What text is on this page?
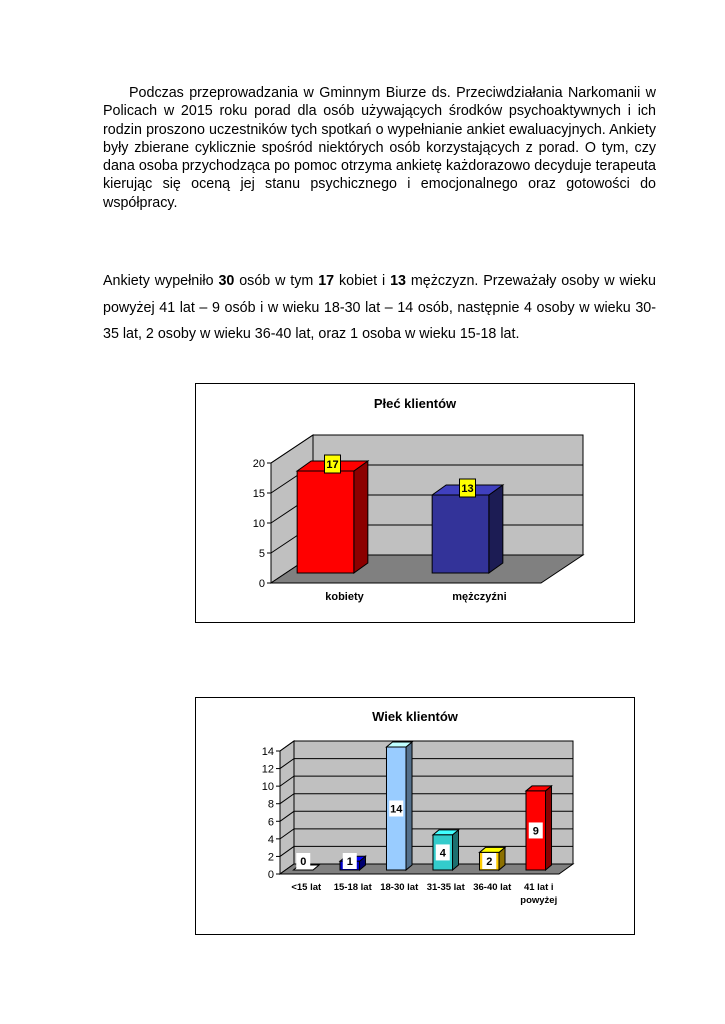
Podczas przeprowadzania w Gminnym Biurze ds. Przeciwdziałania Narkomanii w Policach w 2015 roku porad dla osób używających środków psychoaktywnych i ich rodzin proszono uczestników tych spotkań o wypełnianie ankiet ewaluacyjnych. Ankiety były zbierane cyklicznie spośród niektórych osób korzystających z porad. O tym, czy dana osoba przychodząca po pomoc otrzyma ankietę każdorazowo decyduje terapeuta kierując się oceną jej stanu psychicznego i emocjonalnego oraz gotowości do współpracy.

Ankiety wypełniło 30 osób w tym 17 kobiet i 13 mężczyzn. Przeważały osoby w wieku powyżej 41 lat – 9 osób i w wieku 18-30 lat – 14 osób, następnie 4 osoby w wieku 30-35 lat, 2 osoby w wieku 36-40 lat, oraz 1 osoba w wieku 15-18 lat.

Płeć klientów
0
5
10
15
20	17
kobiety
13
mężczyźni
Wiek klientów
0
2
4
6
8
10
12
14
0
<15 lat
1
15-18 lat
14
18-30 lat
4
31-35 lat
2
36-40 lat
9
41 lat i
powyżej
